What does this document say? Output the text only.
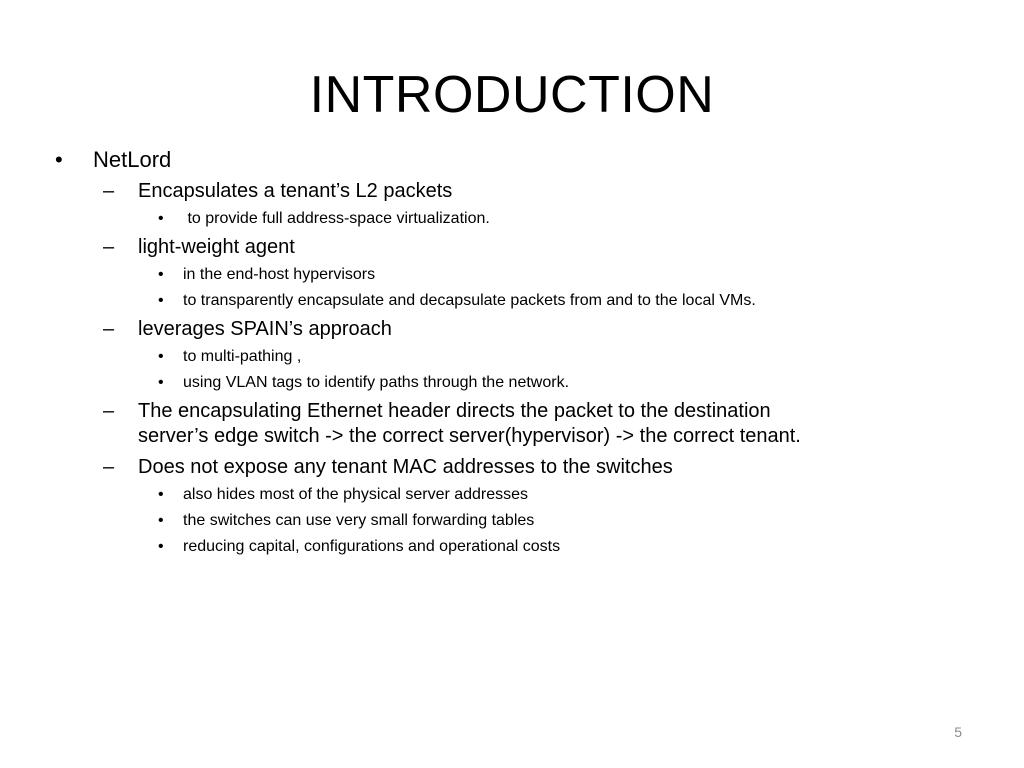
INTRODUCTION
• NetLord
– Encapsulates a tenant’s L2 packets
• to provide full address-space virtualization.
– light-weight agent
• in the end-host hypervisors
• to transparently encapsulate and decapsulate packets from and to the local VMs.
– leverages SPAIN’s approach
• to multi-pathing ,
• using VLAN tags to identify paths through the network.
– The encapsulating Ethernet header directs the packet to the destination
server’s edge switch -> the correct server(hypervisor) -> the correct tenant.
– Does not expose any tenant MAC addresses to the switches
• also hides most of the physical server addresses
• the switches can use very small forwarding tables
• reducing capital, configurations and operational costs
5
